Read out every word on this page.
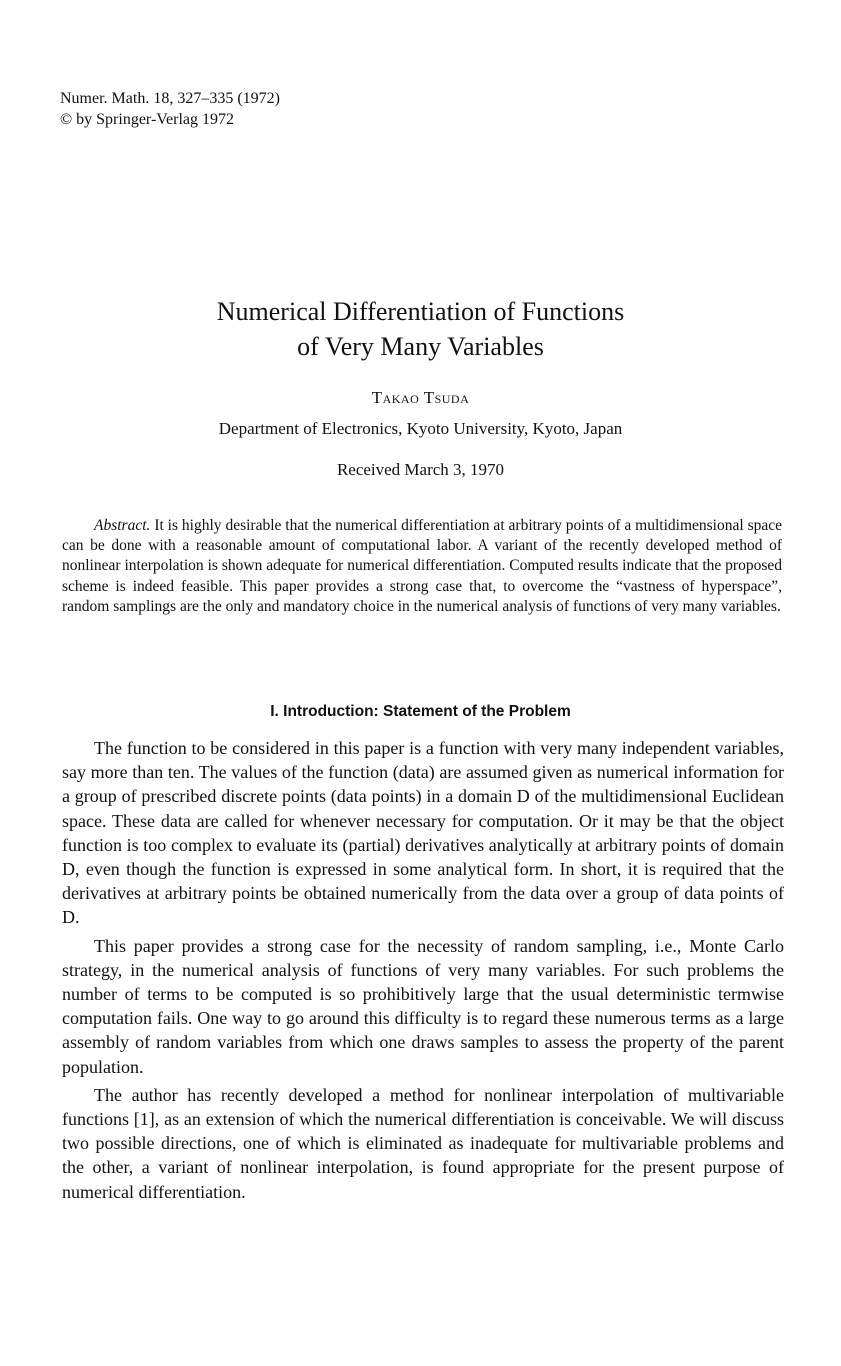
Numer. Math. 18, 327–335 (1972)
© by Springer-Verlag 1972
Numerical Differentiation of Functions
of Very Many Variables
Takao Tsuda
Department of Electronics, Kyoto University, Kyoto, Japan
Received March 3, 1970
Abstract. It is highly desirable that the numerical differentiation at arbitrary points of a multidimensional space can be done with a reasonable amount of computational labor. A variant of the recently developed method of nonlinear interpolation is shown adequate for numerical differentiation. Computed results indicate that the proposed scheme is indeed feasible. This paper provides a strong case that, to overcome the “vastness of hyperspace”, random samplings are the only and mandatory choice in the numerical analysis of functions of very many variables.
I. Introduction: Statement of the Problem

The function to be considered in this paper is a function with very many independent variables, say more than ten. The values of the function (data) are assumed given as numerical information for a group of prescribed discrete points (data points) in a domain D of the multidimensional Euclidean space. These data are called for whenever necessary for computation. Or it may be that the object function is too complex to evaluate its (partial) derivatives analytically at arbitrary points of domain D, even though the function is expressed in some analytical form. In short, it is required that the derivatives at arbitrary points be obtained numerically from the data over a group of data points of D.

This paper provides a strong case for the necessity of random sampling, i.e., Monte Carlo strategy, in the numerical analysis of functions of very many variables. For such problems the number of terms to be computed is so prohibitively large that the usual deterministic termwise computation fails. One way to go around this difficulty is to regard these numerous terms as a large assembly of random variables from which one draws samples to assess the property of the parent population.

The author has recently developed a method for nonlinear interpolation of multivariable functions [1], as an extension of which the numerical differentiation is conceivable. We will discuss two possible directions, one of which is eliminated as inadequate for multivariable problems and the other, a variant of nonlinear interpolation, is found appropriate for the present purpose of numerical differentiation.
